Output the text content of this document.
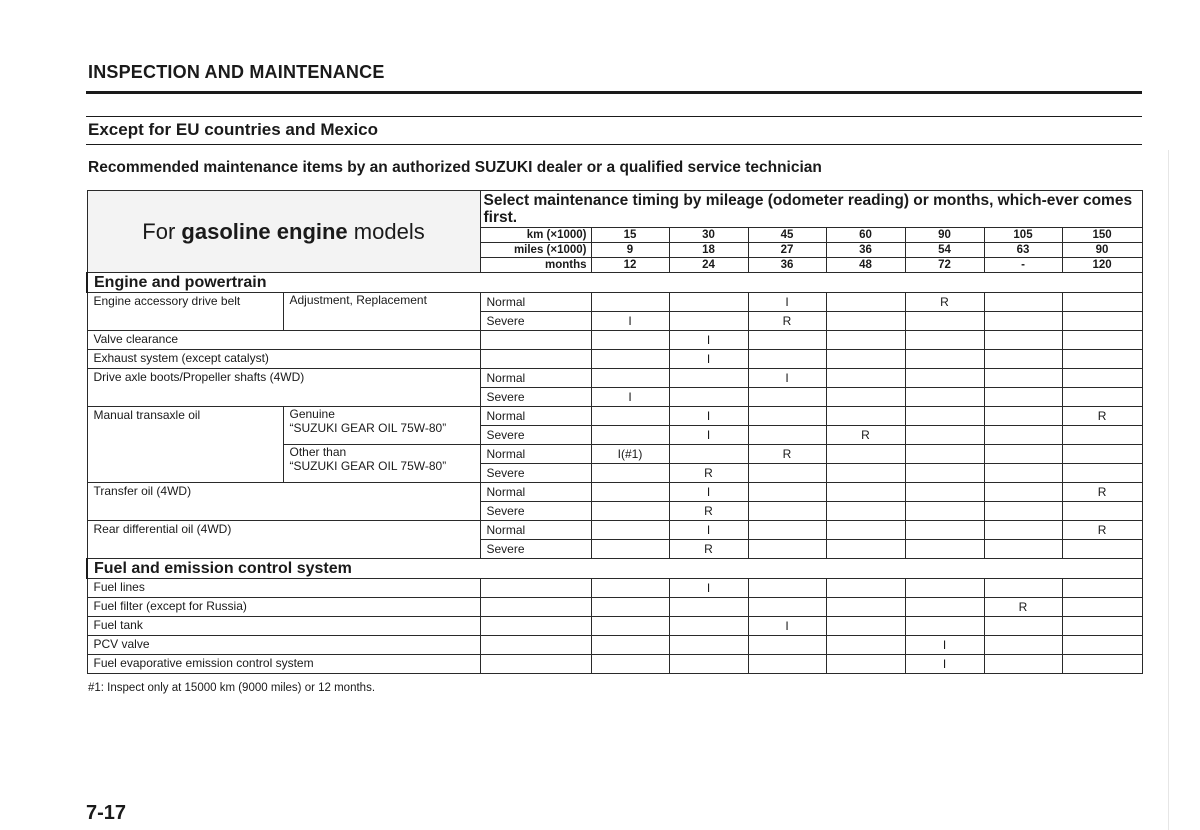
INSPECTION AND MAINTENANCE
Except for EU countries and Mexico
Recommended maintenance items by an authorized SUZUKI dealer or a qualified service technician
For gasoline engine models		Select maintenance timing by mileage (odometer reading) or months, which-ever comes first.							
		km (×1000)	15	30	45	60	90	105	150
		miles (×1000)	9	18	27	36	54	63	90
		months	12	24	36	48	72	-	120
Engine and powertrain									
Engine accessory drive belt	Adjustment, Replacement	Normal			I		R		
		Severe	I		R				
Valve clearance				I					
Exhaust system (except catalyst)				I					
Drive axle boots/Propeller shafts (4WD)		Normal			I				
		Severe	I						
Manual transaxle oil	Genuine
“SUZUKI GEAR OIL 75W-80”	Normal		I					R
		Severe		I		R			

	Other than
“SUZUKI GEAR OIL 75W-80”	Normal	I(#1)		R				
		Severe		R					
Transfer oil (4WD)		Normal		I					R
		Severe		R					
Rear differential oil (4WD)		Normal		I					R
		Severe		R					
Fuel and emission control system									
Fuel lines				I					
Fuel filter (except for Russia)								R	
Fuel tank					I				
PCV valve							I		
Fuel evaporative emission control system							I		
#1: Inspect only at 15000 km (9000 miles) or 12 months.
7-17
